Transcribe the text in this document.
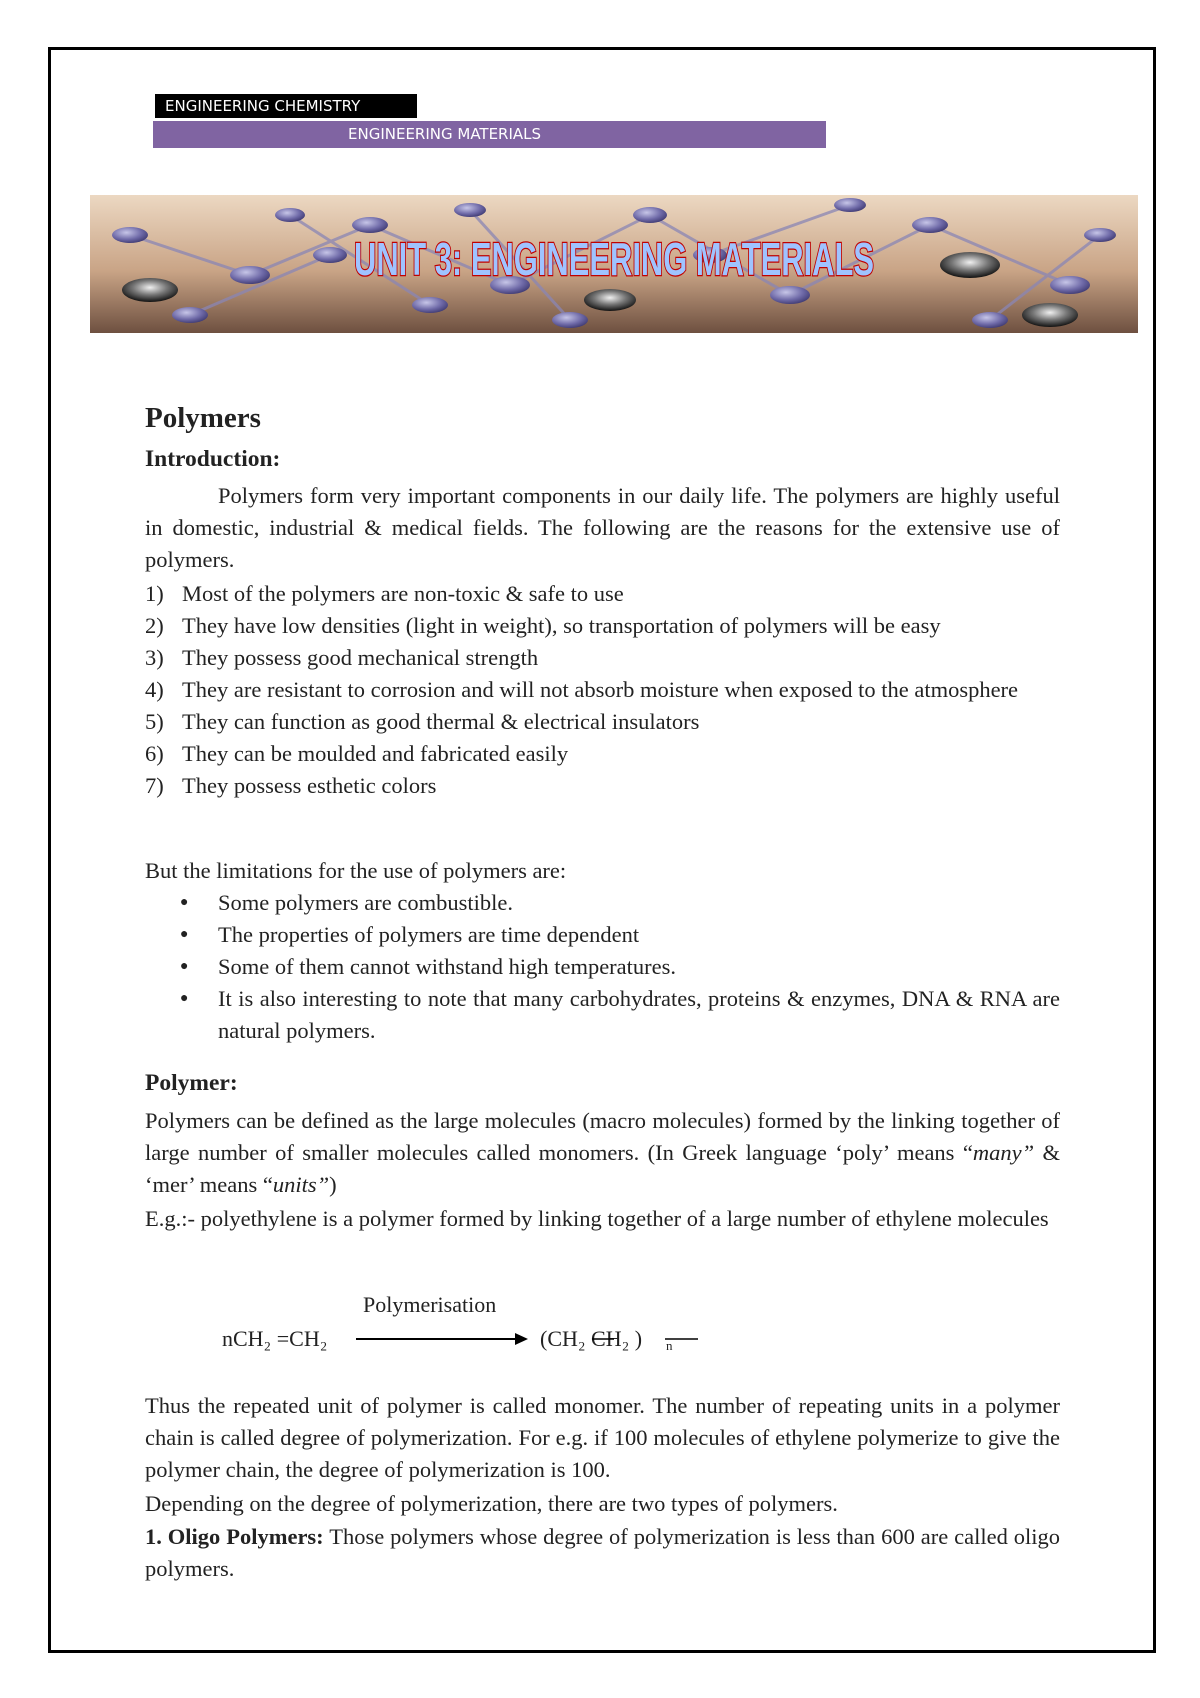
ENGINEERING CHEMISTRY
ENGINEERING MATERIALS
UNIT 3: ENGINEERING MATERIALS
Polymers
Introduction:
Polymers form very important components in our daily life. The polymers are highly useful in domestic, industrial & medical fields. The following are the reasons for the extensive use of polymers.
1) Most of the polymers are non-toxic & safe to use
2) They have low densities (light in weight), so transportation of polymers will be easy
3) They possess good mechanical strength
4) They are resistant to corrosion and will not absorb moisture when exposed to the atmosphere
5) They can function as good thermal & electrical insulators
6) They can be moulded and fabricated easily
7) They possess esthetic colors
But the limitations for the use of polymers are:
● Some polymers are combustible.
● The properties of polymers are time dependent
● Some of them cannot withstand high temperatures.
● It is also interesting to note that many carbohydrates, proteins & enzymes, DNA & RNA are natural polymers.
Polymer:
Polymers can be defined as the large molecules (macro molecules) formed by the linking together of large number of smaller molecules called monomers. (In Greek language ‘poly’ means “many” & ‘mer’ means “units”)
E.g.:- polyethylene is a polymer formed by linking together of a large number of ethylene molecules
Polymerisation
nCH₂ =CH₂	(CH₂ CH₂ ) n
Thus the repeated unit of polymer is called monomer. The number of repeating units in a polymer chain is called degree of polymerization. For e.g. if 100 molecules of ethylene polymerize to give the polymer chain, the degree of polymerization is 100.
Depending on the degree of polymerization, there are two types of polymers.
1. Oligo Polymers: Those polymers whose degree of polymerization is less than 600 are called oligo polymers.
